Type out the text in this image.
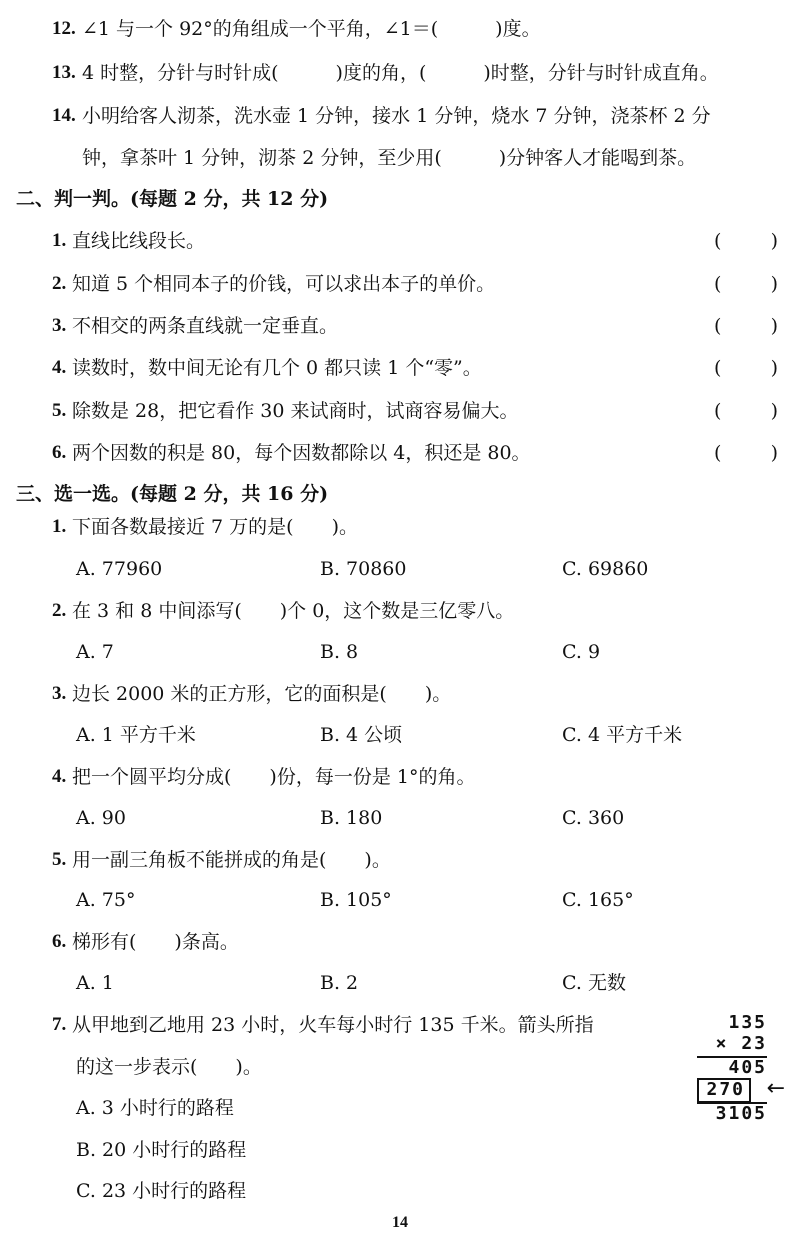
12. ∠1 与一个 92°的角组成一个平角，∠1＝(　　　)度。
13. 4 时整，分针与时针成(　　　)度的角，(　　　)时整，分针与时针成直角。
14. 小明给客人沏茶，洗水壶 1 分钟，接水 1 分钟，烧水 7 分钟，浇茶杯 2 分
钟，拿茶叶 1 分钟，沏茶 2 分钟，至少用(　　　)分钟客人才能喝到茶。
二、判一判。(每题 2 分，共 12 分)
1. 直线比线段长。	(	)
2. 知道 5 个相同本子的价钱，可以求出本子的单价。	(	)
3. 不相交的两条直线就一定垂直。	(	)
4. 读数时，数中间无论有几个 0 都只读 1 个“零”。	(	)
5. 除数是 28，把它看作 30 来试商时，试商容易偏大。	(	)
6. 两个因数的积是 80，每个因数都除以 4，积还是 80。	(	)
三、选一选。(每题 2 分，共 16 分)
1. 下面各数最接近 7 万的是(　　)。
A. 77960	B. 70860	C. 69860
2. 在 3 和 8 中间添写(　　)个 0，这个数是三亿零八。
A. 7	B. 8	C. 9
3. 边长 2000 米的正方形，它的面积是(　　)。
A. 1 平方千米	B. 4 公顷	C. 4 平方千米
4. 把一个圆平均分成(　　)份，每一份是 1°的角。
A. 90	B. 180	C. 360
5. 用一副三角板不能拼成的角是(　　)。
A. 75°	B. 105°	C. 165°
6. 梯形有(　　)条高。
A. 1	B. 2	C. 无数
7. 从甲地到乙地用 23 小时，火车每小时行 135 千米。箭头所指
的这一步表示(　　)。
A. 3 小时行的路程
B. 20 小时行的路程
C. 23 小时行的路程
135
× 23
405
270 ←
3105
14
